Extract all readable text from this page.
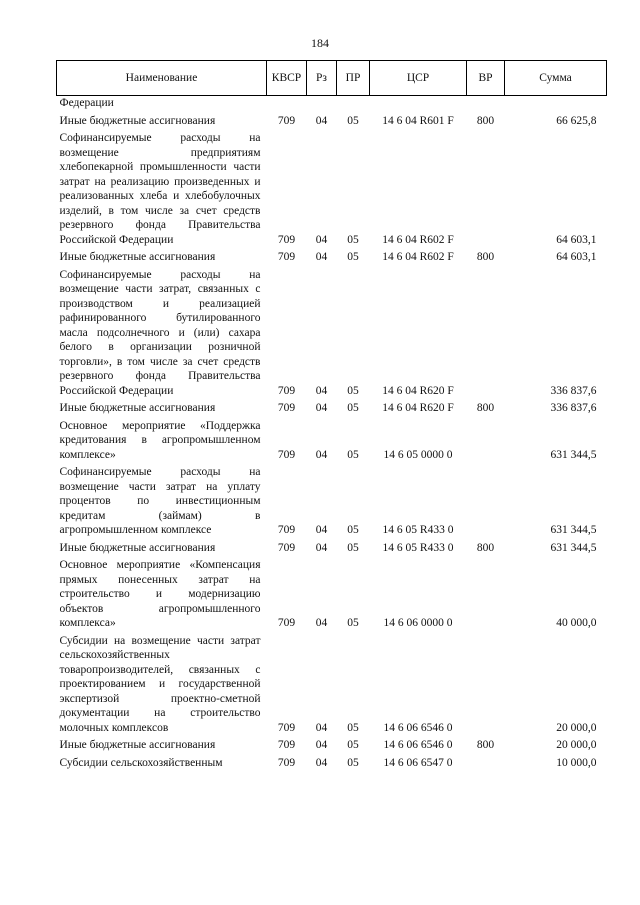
184
Наименование	КВСР	Рз	ПР	ЦСР	ВР	Сумма
Федерации						
Иные бюджетные ассигнования	709	04	05	14 6 04 R601 F	800	66 625,8
Софинансируемые расходы на возмещение предприятиям хлебопекарной промышленности части затрат на реализацию произведенных и реализованных хлеба и хлебобулочных изделий, в том числе за счет средств резервного фонда Правительства Российской Федерации	709	04	05	14 6 04 R602 F		64 603,1
Иные бюджетные ассигнования	709	04	05	14 6 04 R602 F	800	64 603,1
Софинансируемые расходы на возмещение части затрат, связанных с производством и реализацией рафинированного бутилированного масла подсолнечного и (или) сахара белого в организации розничной торговли», в том числе за счет средств резервного фонда Правительства Российской Федерации	709	04	05	14 6 04 R620 F		336 837,6
Иные бюджетные ассигнования	709	04	05	14 6 04 R620 F	800	336 837,6
Основное мероприятие «Поддержка кредитования в агропромышленном комплексе»	709	04	05	14 6 05 0000 0		631 344,5
Софинансируемые расходы на возмещение части затрат на уплату процентов по инвестиционным кредитам (займам) в агропромышленном комплексе	709	04	05	14 6 05 R433 0		631 344,5
Иные бюджетные ассигнования	709	04	05	14 6 05 R433 0	800	631 344,5
Основное мероприятие «Компенсация прямых понесенных затрат на строительство и модернизацию объектов агропромышленного комплекса»	709	04	05	14 6 06 0000 0		40 000,0
Субсидии на возмещение части затрат сельскохозяйственных товаропроизводителей, связанных с проектированием и государственной экспертизой проектно-сметной документации на строительство молочных комплексов	709	04	05	14 6 06 6546 0		20 000,0
Иные бюджетные ассигнования	709	04	05	14 6 06 6546 0	800	20 000,0
Субсидии сельскохозяйственным	709	04	05	14 6 06 6547 0		10 000,0
